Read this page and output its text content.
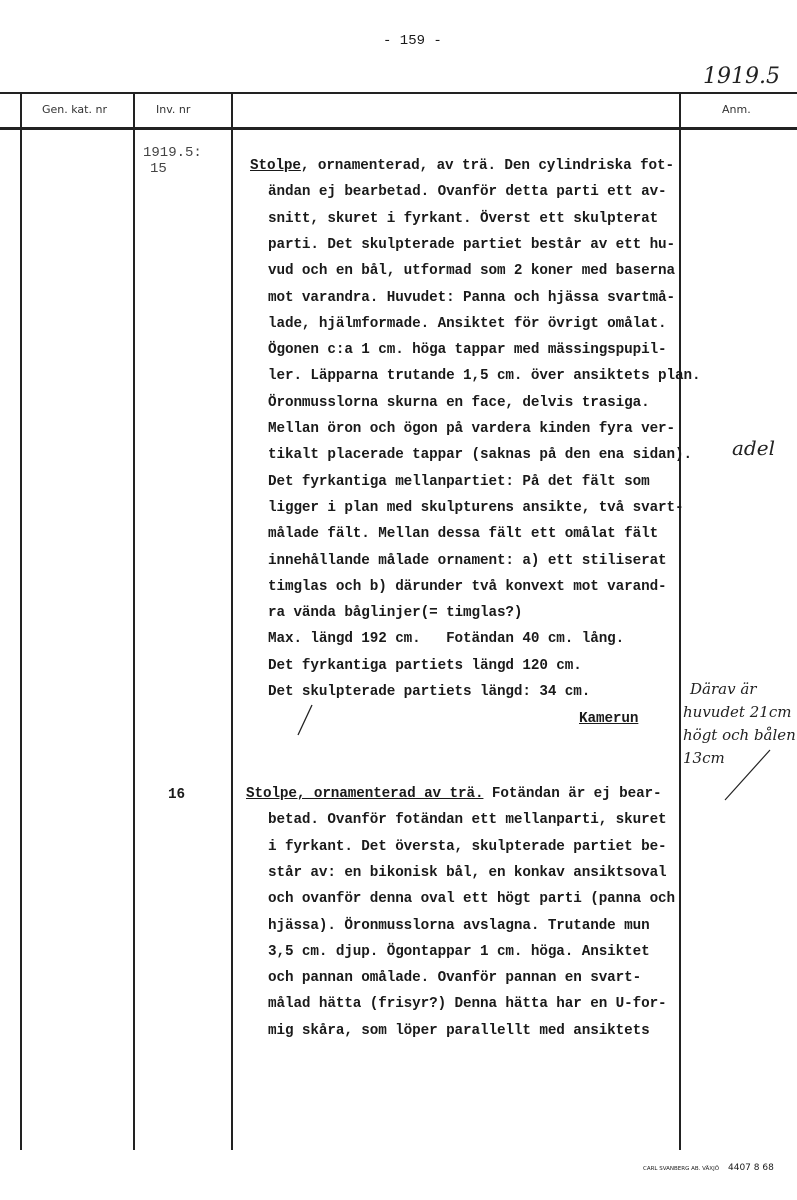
- 159 -
1919.5
Gen. kat. nr	Inv. nr	Anm.
1919.5:
15	Stolpe, ornamenterad, av trä. Den cylindriska fot-
ändan ej bearbetad. Ovanför detta parti ett av-
snitt, skuret i fyrkant. Överst ett skulpterat
parti. Det skulpterade partiet består av ett hu-
vud och en bål, utformad som 2 koner med baserna
mot varandra. Huvudet: Panna och hjässa svartmå-
lade, hjälmformade. Ansiktet för övrigt omålat.
Ögonen c:a 1 cm. höga tappar med mässingspupil-
ler. Läpparna trutande 1,5 cm. över ansiktets plan.
Öronmusslorna skurna en face, delvis trasiga.
Mellan öron och ögon på vardera kinden fyra ver-
tikalt placerade tappar (saknas på den ena sidan).
Det fyrkantiga mellanpartiet: På det fält som
ligger i plan med skulpturens ansikte, två svart-
målade fält. Mellan dessa fält ett omålat fält
innehållande målade ornament: a) ett stiliserat
timglas och b) därunder två konvext mot varand-
ra vända båglinjer(= timglas?)
Max. längd 192 cm.   Fotändan 40 cm. lång.
Det fyrkantiga partiets längd 120 cm.
Det skulpterade partiets längd: 34 cm.
Kamerun
adel
Därav är
huvudet 21cm
högt och bålen
13cm
16	Stolpe, ornamenterad av trä. Fotändan är ej bear-
betad. Ovanför fotändan ett mellanparti, skuret
i fyrkant. Det översta, skulpterade partiet be-
står av: en bikonisk bål, en konkav ansiktsoval
och ovanför denna oval ett högt parti (panna och
hjässa). Öronmusslorna avslagna. Trutande mun
3,5 cm. djup. Ögontappar 1 cm. höga. Ansiktet
och pannan omålade. Ovanför pannan en svart-
målad hätta (frisyr?) Denna hätta har en U-for-
mig skåra, som löper parallellt med ansiktets
CARL SVANBERG AB. VÄXJÖ 4407 8 68
